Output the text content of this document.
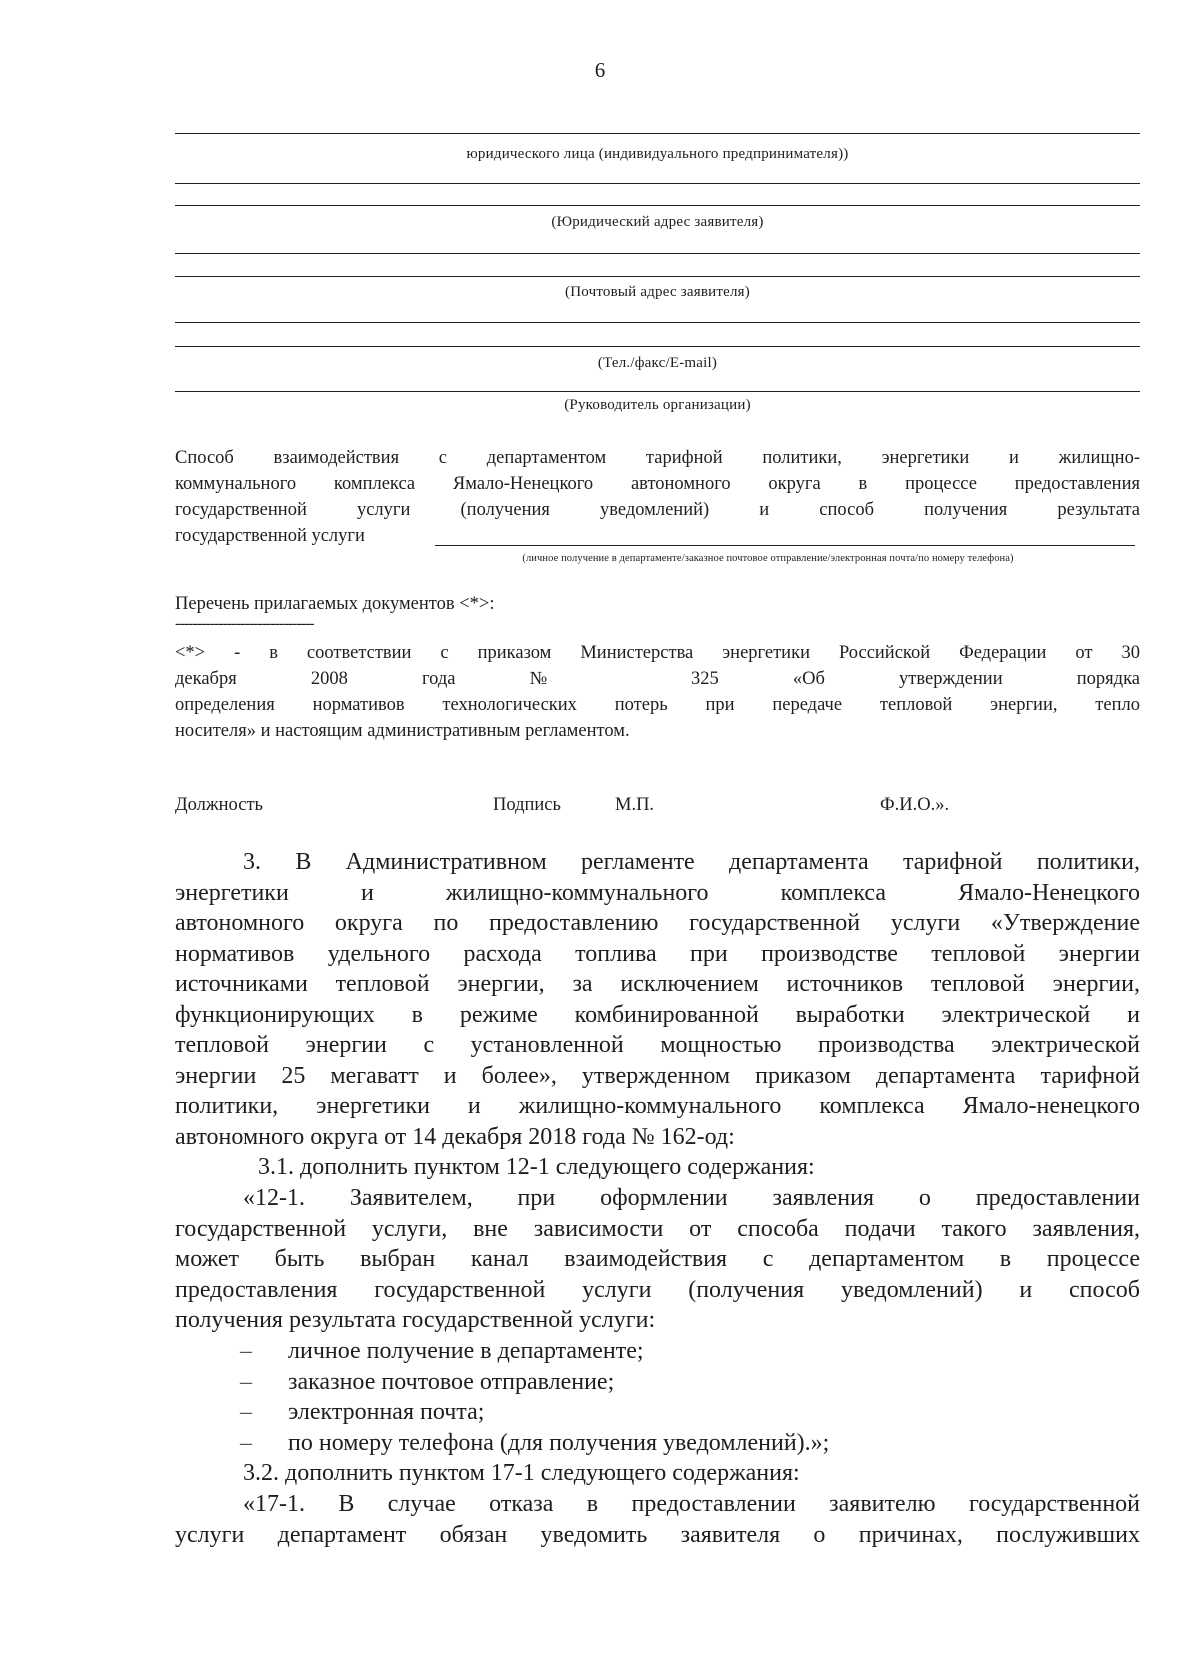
6
юридического лица (индивидуального предпринимателя))
(Юридический адрес заявителя)
(Почтовый адрес заявителя)
(Тел./факс/E-mail)
(Руководитель организации)
Способ взаимодействия с департаментом тарифной политики, энергетики и жилищно-
коммунального комплекса Ямало-Ненецкого автономного округа в процессе предоставления
государственной услуги (получения уведомлений) и способ получения результата
государственной услуги
(личное получение в департаменте/заказное почтовое отправление/электронная почта/по номеру телефона)
Перечень прилагаемых документов <*>:
--------------------------------
<*> - в соответствии с приказом Министерства энергетики Российской Федерации от 30
декабря 2008 года № 325 «Об утверждении порядка
определения нормативов технологических потерь при передаче тепловой энергии, тепло
носителя» и настоящим административным регламентом.
Должность	Подпись	М.П.	Ф.И.О.».
3. В Административном регламенте департамента тарифной политики,
энергетики и жилищно-коммунального комплекса Ямало-Ненецкого
автономного округа по предоставлению государственной услуги «Утверждение
нормативов удельного расхода топлива при производстве тепловой энергии
источниками тепловой энергии, за исключением источников тепловой энергии,
функционирующих в режиме комбинированной выработки электрической и
тепловой энергии с установленной мощностью производства электрической
энергии 25 мегаватт и более», утвержденном приказом департамента тарифной
политики, энергетики и жилищно-коммунального комплекса Ямало-ненецкого
автономного округа от 14 декабря 2018 года № 162-од:
3.1. дополнить пунктом 12-1 следующего содержания:
«12-1. Заявителем, при оформлении заявления о предоставлении
государственной услуги, вне зависимости от способа подачи такого заявления,
может быть выбран канал взаимодействия с департаментом в процессе
предоставления государственной услуги (получения уведомлений) и способ
получения результата государственной услуги:
–	личное получение в департаменте;
–	заказное почтовое отправление;
–	электронная почта;
–	по номеру телефона (для получения уведомлений).»;
3.2. дополнить пунктом 17-1 следующего содержания:
«17-1. В случае отказа в предоставлении заявителю государственной
услуги департамент обязан уведомить заявителя о причинах, послуживших
